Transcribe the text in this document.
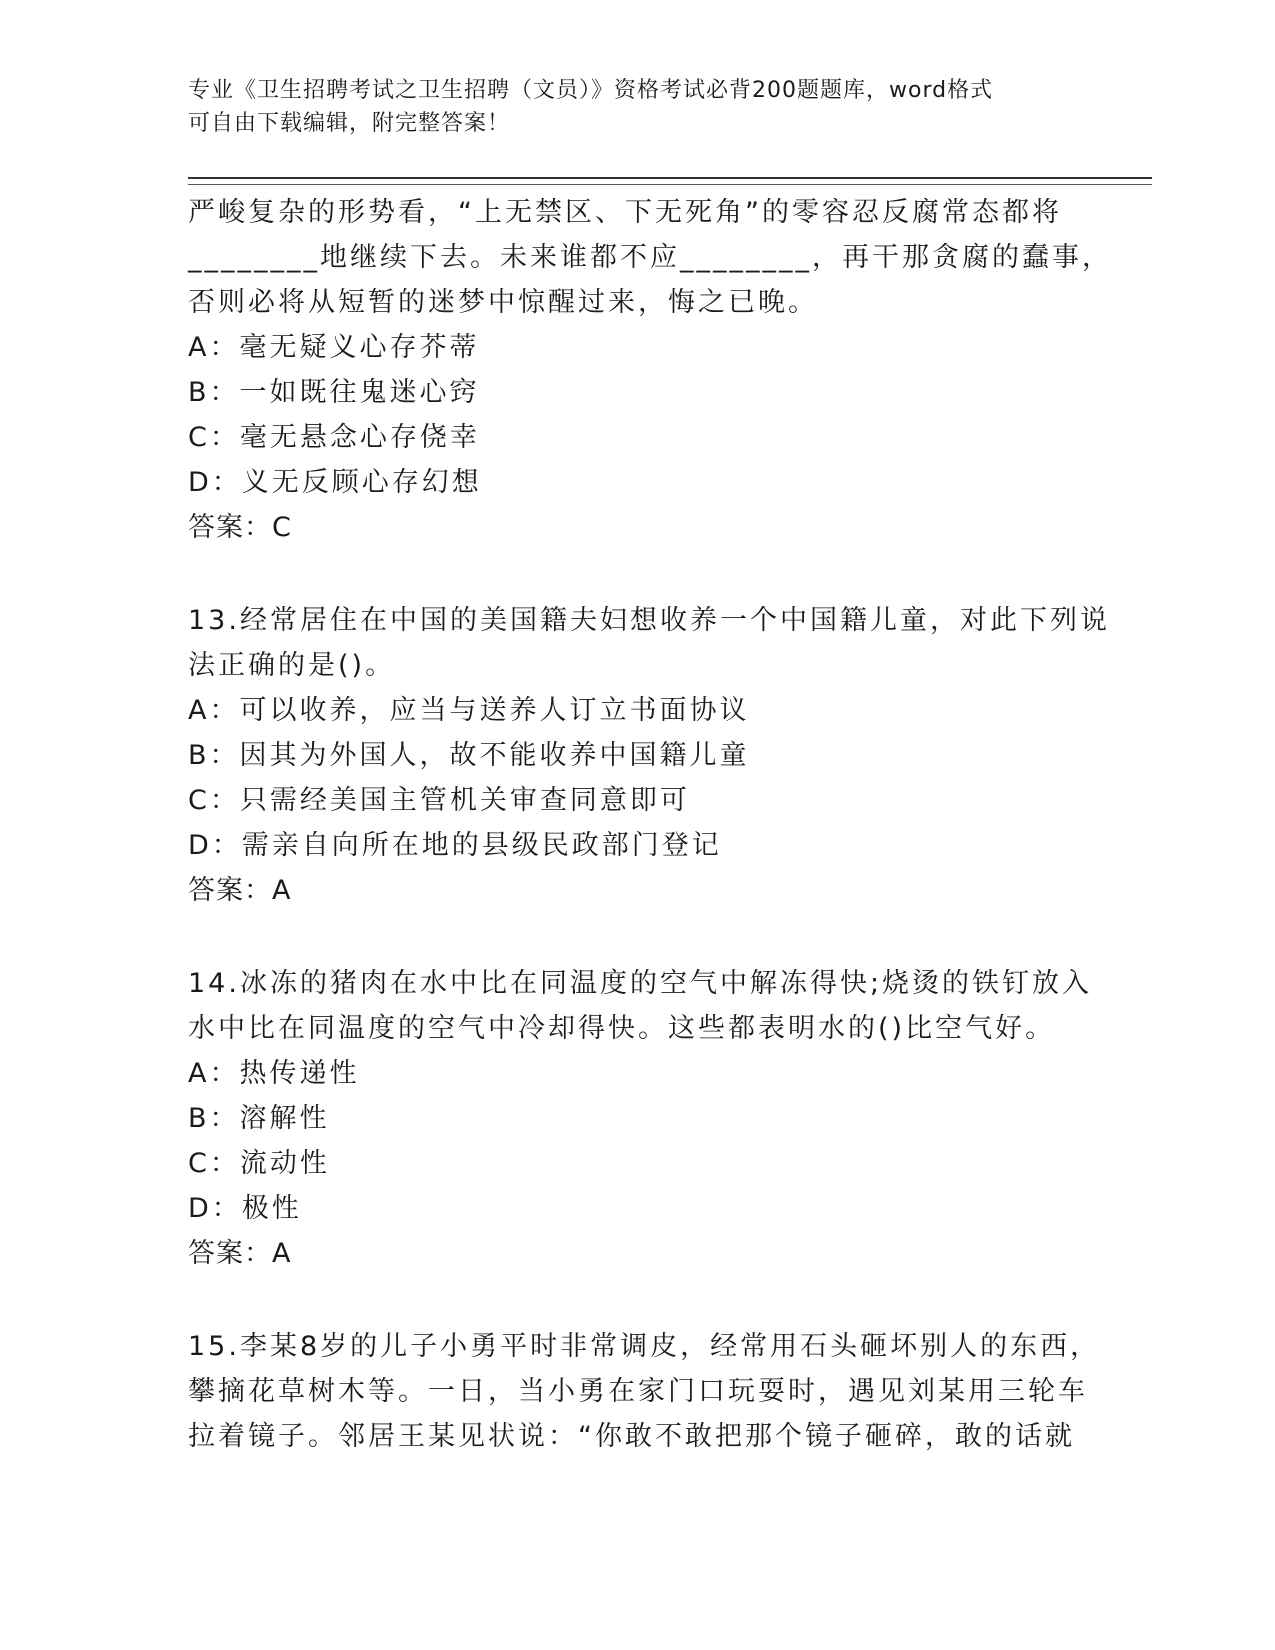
专业《卫生招聘考试之卫生招聘（文员）》资格考试必背200题题库，word格式
可自由下载编辑，附完整答案！
严峻复杂的形势看，“上无禁区、下无死角”的零容忍反腐常态都将
________地继续下去。未来谁都不应________，再干那贪腐的蠢事，
否则必将从短暂的迷梦中惊醒过来，悔之已晚。
A：毫无疑义心存芥蒂
B：一如既往鬼迷心窍
C：毫无悬念心存侥幸
D：义无反顾心存幻想
答案：C
13.经常居住在中国的美国籍夫妇想收养一个中国籍儿童，对此下列说
法正确的是()。
A：可以收养，应当与送养人订立书面协议
B：因其为外国人，故不能收养中国籍儿童
C：只需经美国主管机关审查同意即可
D：需亲自向所在地的县级民政部门登记
答案：A
14.冰冻的猪肉在水中比在同温度的空气中解冻得快;烧烫的铁钉放入
水中比在同温度的空气中冷却得快。这些都表明水的()比空气好。
A：热传递性
B：溶解性
C：流动性
D：极性
答案：A
15.李某8岁的儿子小勇平时非常调皮，经常用石头砸坏别人的东西，
攀摘花草树木等。一日，当小勇在家门口玩耍时，遇见刘某用三轮车
拉着镜子。邻居王某见状说：“你敢不敢把那个镜子砸碎，敢的话就
